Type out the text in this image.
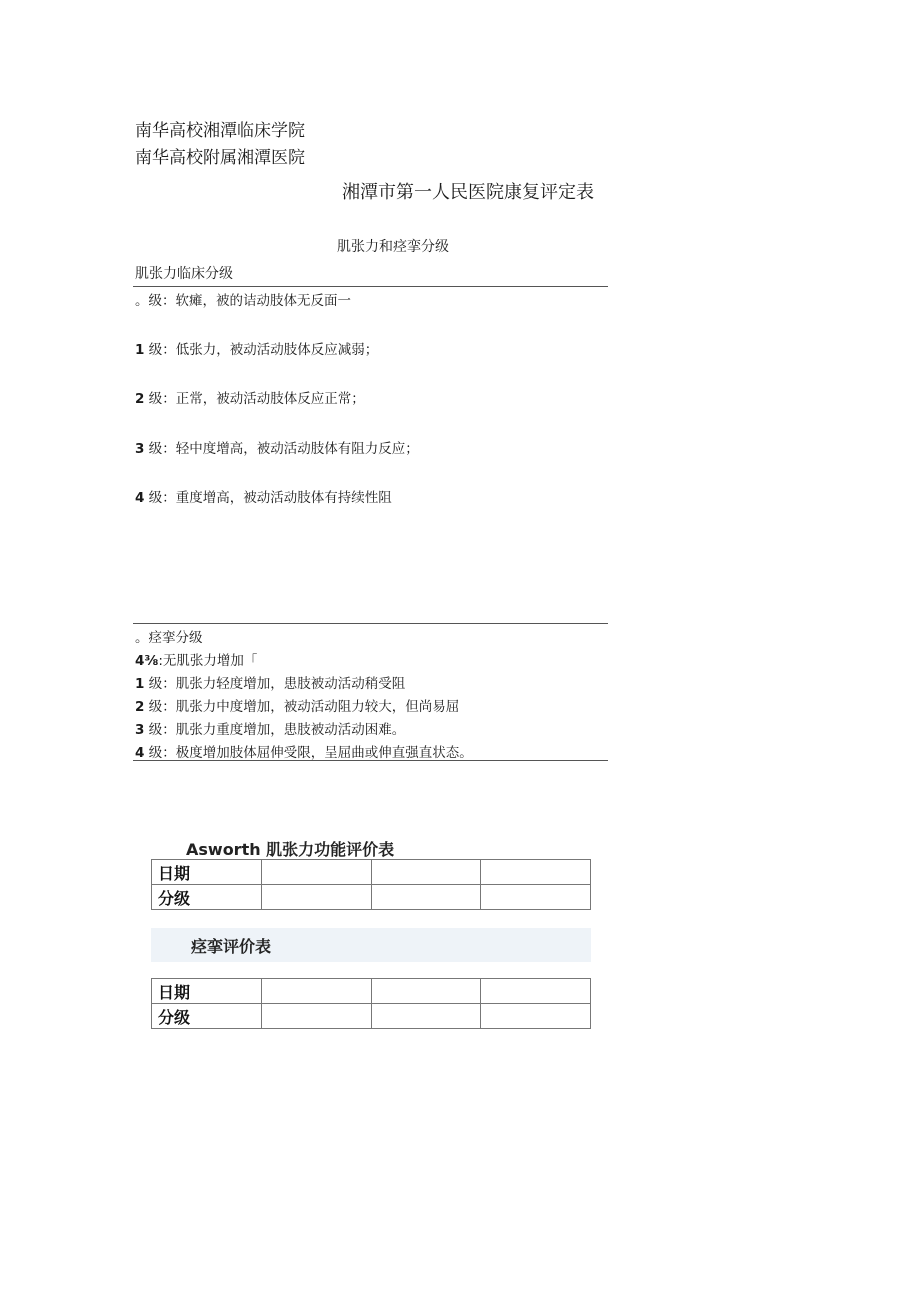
南华高校湘潭临床学院
南华高校附属湘潭医院
湘潭市第一人民医院康复评定表
肌张力和痉挛分级
肌张力临床分级
。级：软瘫，被的诘动肢体无反面一
1 级：低张力，被动活动肢体反应减弱；
2 级：正常，被动活动肢体反应正常；
3 级：轻中度增高，被动活动肢体有阻力反应；
4 级：重度增高，被动活动肢体有持续性阻
。痉挛分级
4⅜:无肌张力增加「
1 级：肌张力轻度增加，患肢被动活动稍受阻
2 级：肌张力中度增加，被动活动阻力较大，但尚易屈
3 级：肌张力重度增加，患肢被动活动困难。
4 级：极度增加肢体屈伸受限，呈屈曲或伸直强直状态。
Asworth 肌张力功能评价表
日期			
分级			
痉挛评价表
日期			
分级			
